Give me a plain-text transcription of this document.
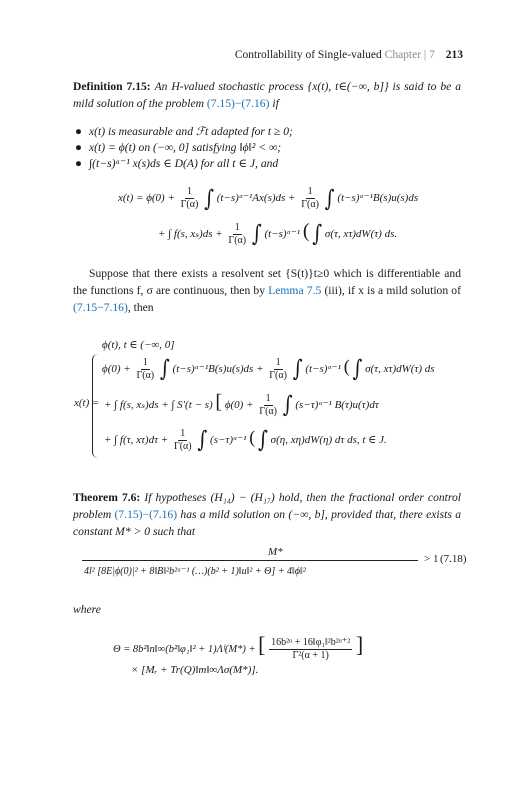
Controllability of Single-valued Chapter | 7 213
Definition 7.15: An H-valued stochastic process {x(t), t∈(−∞, b]} is said to be a mild solution of the problem (7.15)−(7.16) if
● x(t) is measurable and ℱt adapted for t ≥ 0;
● x(t) = ϕ(t) on (−∞, 0] satisfying ‖ϕ‖² < ∞;
● ∫(t−s)ᵅ⁻¹ x(s)ds ∈ D(A) for all t ∈ J, and
$x(t) = \phi(0) + \frac{1}{\Gamma(\alpha)}$ ∫ (t−s)ᵅ⁻¹Ax(s)ds + $\frac{1}{\Gamma(\alpha)}$ ∫ (t−s)ᵅ⁻¹B(s)u(s)ds
+ ∫ f(s, $x_s)ds + \frac{1}{\Gamma(\alpha)}$ ∫ (t−s)ᵅ⁻¹ ( ∫ σ(τ, xτ)dW(τ) ds.
Suppose that there exists a resolvent set {S(t)}t≥0 which is differentiable and the functions f, σ are continuous, then by Lemma 7.5 (iii), if x is a mild solution of (7.15−7.16), then
x(t) =
ϕ(t), t ∈ (−∞, 0]
$\phi(0) + \frac{1}{\Gamma(\alpha)}$ ∫ (t−s)ᵅ⁻¹B(s)u(s)ds + $\frac{1}{\Gamma(\alpha)}$ ∫ (t−s)ᵅ⁻¹ ( ∫ σ(τ, xτ)dW(τ) ds
+ ∫ f(s, xₛ)ds + ∫ S′(t − s) [ $\phi(0) + \frac{1}{\Gamma(\alpha)}$ ∫ (s−τ)ᵅ⁻¹ B(τ)u(τ)dτ
+ ∫ f(τ, $x\tau)d\tau + \frac{1}{\Gamma(\alpha)}$ ∫ (s−τ)ᵅ⁻¹ ( ∫ σ(η, xη)dW(η) dτ ds, t ∈ J.
Theorem 7.6: If hypotheses (H₁₄) − (H₁₇) hold, then the fractional order control problem (7.15)−(7.16) has a mild solution on (−∞, b], provided that, there exists a constant M* > 0 such that
M*
4l² [8E|ϕ(0)|² + 8‖B‖²b²ᵅ⁻¹ (…)(b² + 1)‖u‖² + Θ] + 4‖ϕ‖²
> 1 (7.18)
where
Θ = 8b²‖n‖∞(b²‖φ₁‖² + 1)Λᶠ(M*) + [ $\frac{\text{16b²ᵅ + 16‖φ₁‖²b²ᵅ⁺²}}{\text{Γ²(α + 1)}}$ ]
× [Mᵣ + Tr(Q)‖m‖∞Λσ(M*)].
